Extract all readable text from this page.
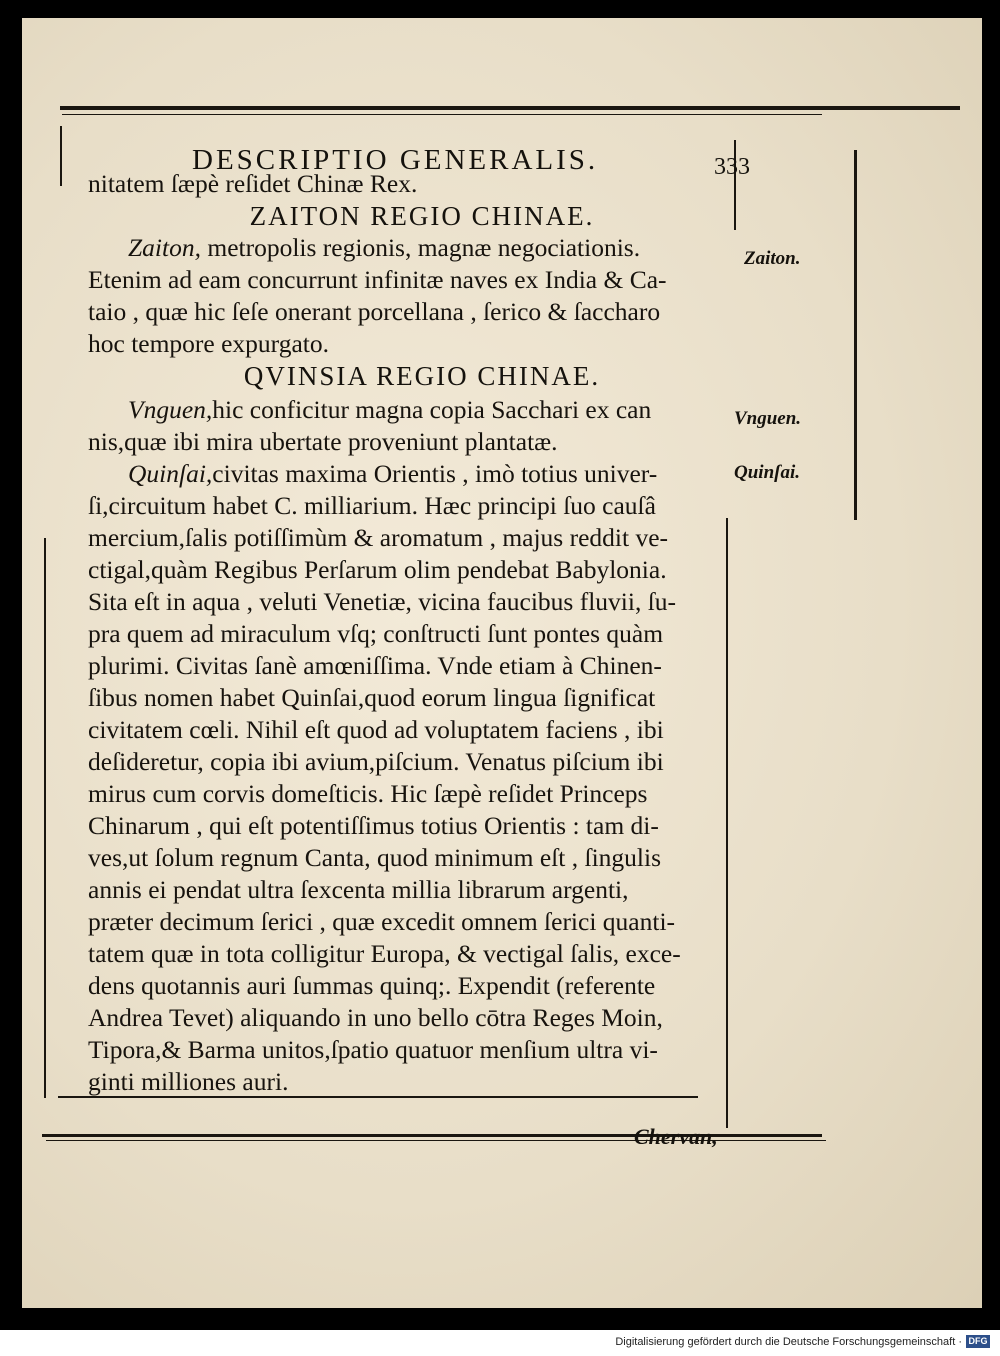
DESCRIPTIO GENERALIS.	333
nitatem ſæpè reſidet Chinæ Rex.
ZAITON REGIO CHINAE.
Zaiton, metropolis regionis, magnæ negociationis.
Etenim ad eam concurrunt infinitæ naves ex India & Ca-
taio , quæ hic ſeſe onerant porcellana , ſerico & ſaccharo
hoc tempore expurgato.
QVINSIA REGIO CHINAE.
Vnguen,hic conficitur magna copia Sacchari ex can
nis,quæ ibi mira ubertate proveniunt plantatæ.
Quinſai,civitas maxima Orientis , imò totius univer-
ſi,circuitum habet C. milliarium. Hæc principi ſuo cauſâ
mercium,ſalis potiſſimùm & aromatum , majus reddit ve-
ctigal,quàm Regibus Perſarum olim pendebat Babylonia.
Sita eſt in aqua , veluti Venetiæ, vicina faucibus fluvii, ſu-
pra quem ad miraculum vſq; conſtructi ſunt pontes quàm
plurimi. Civitas ſanè amœniſſima. Vnde etiam à Chinen-
ſibus nomen habet Quinſai,quod eorum lingua ſignificat
civitatem cœli. Nihil eſt quod ad voluptatem faciens , ibi
deſideretur, copia ibi avium,piſcium. Venatus piſcium ibi
mirus cum corvis domeſticis. Hic ſæpè reſidet Princeps
Chinarum , qui eſt potentiſſimus totius Orientis : tam di-
ves,ut ſolum regnum Canta, quod minimum eſt , ſingulis
annis ei pendat ultra ſexcenta millia librarum argenti,
præter decimum ſerici , quæ excedit omnem ſerici quanti-
tatem quæ in tota colligitur Europa, & vectigal ſalis, exce-
dens quotannis auri ſummas quinq;. Expendit (referente
Andrea Tevet) aliquando in uno bello cōtra Reges Moin,
Tipora,& Barma unitos,ſpatio quatuor menſium ultra vi-
ginti milliones auri.
Zaiton.
Vnguen.
Quinſai.
Chervan,
Digitalisierung gefördert durch die Deutsche Forschungsgemeinschaft · DFG
